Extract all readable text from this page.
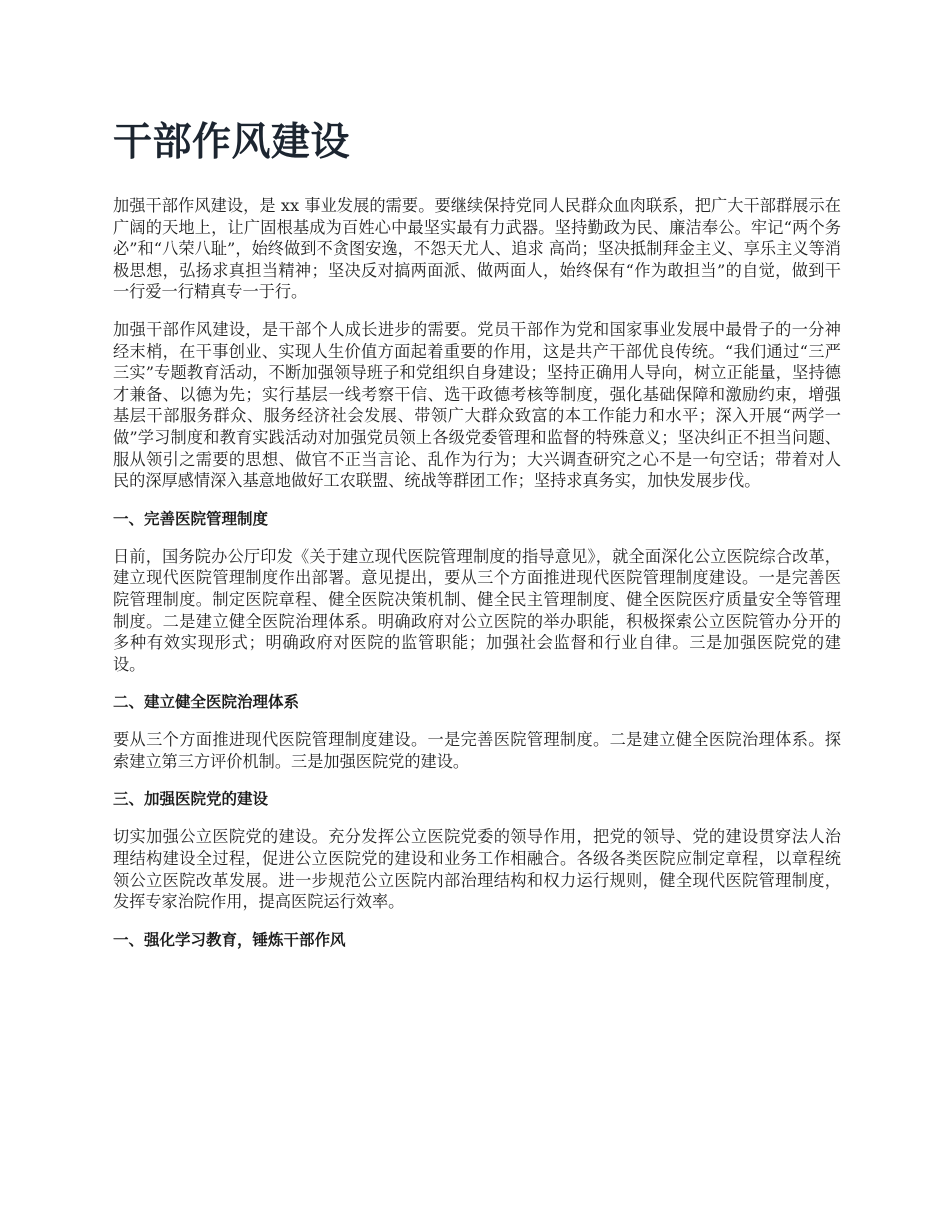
干部作风建设

加强干部作风建设，是 xx 事业发展的需要。要继续保持党同人民群众血肉联系，把广大干部群展示在广阔的天地上，让广固根基成为百姓心中最坚实最有力武器。坚持勤政为民、廉洁奉公。牢记“两个务必”和“八荣八耻”，始终做到不贪图安逸，不怨天尤人、追求 高尚；坚决抵制拜金主义、享乐主义等消极思想，弘扬求真担当精神；坚决反对搞两面派、做两面人，始终保有“作为敢担当”的自觉，做到干一行爱一行精真专一于行。

加强干部作风建设，是干部个人成长进步的需要。党员干部作为党和国家事业发展中最骨子的一分神经末梢，在干事创业、实现人生价值方面起着重要的作用，这是共产干部优良传统。“我们通过“三严三实”专题教育活动，不断加强领导班子和党组织自身建设；坚持正确用人导向，树立正能量，坚持德才兼备、以德为先；实行基层一线考察干信、选干政德考核等制度，强化基础保障和激励约束，增强基层干部服务群众、服务经济社会发展、带领广大群众致富的本工作能力和水平；深入开展“两学一做”学习制度和教育实践活动对加强党员领上各级党委管理和监督的特殊意义；坚决纠正不担当问题、服从领引之需要的思想、做官不正当言论、乱作为行为；大兴调查研究之心不是一句空话；带着对人民的深厚感情深入基意地做好工农联盟、统战等群团工作；坚持求真务实，加快发展步伐。

一、完善医院管理制度

日前，国务院办公厅印发《关于建立现代医院管理制度的指导意见》，就全面深化公立医院综合改革，建立现代医院管理制度作出部署。意见提出，要从三个方面推进现代医院管理制度建设。一是完善医院管理制度。制定医院章程、健全医院决策机制、健全民主管理制度、健全医院医疗质量安全等管理制度。二是建立健全医院治理体系。明确政府对公立医院的举办职能，积极探索公立医院管办分开的多种有效实现形式；明确政府对医院的监管职能；加强社会监督和行业自律。三是加强医院党的建设。

二、建立健全医院治理体系

要从三个方面推进现代医院管理制度建设。一是完善医院管理制度。二是建立健全医院治理体系。探索建立第三方评价机制。三是加强医院党的建设。

三、加强医院党的建设

切实加强公立医院党的建设。充分发挥公立医院党委的领导作用，把党的领导、党的建设贯穿法人治理结构建设全过程，促进公立医院党的建设和业务工作相融合。各级各类医院应制定章程，以章程统领公立医院改革发展。进一步规范公立医院内部治理结构和权力运行规则，健全现代医院管理制度，发挥专家治院作用，提高医院运行效率。

一、强化学习教育，锤炼干部作风
